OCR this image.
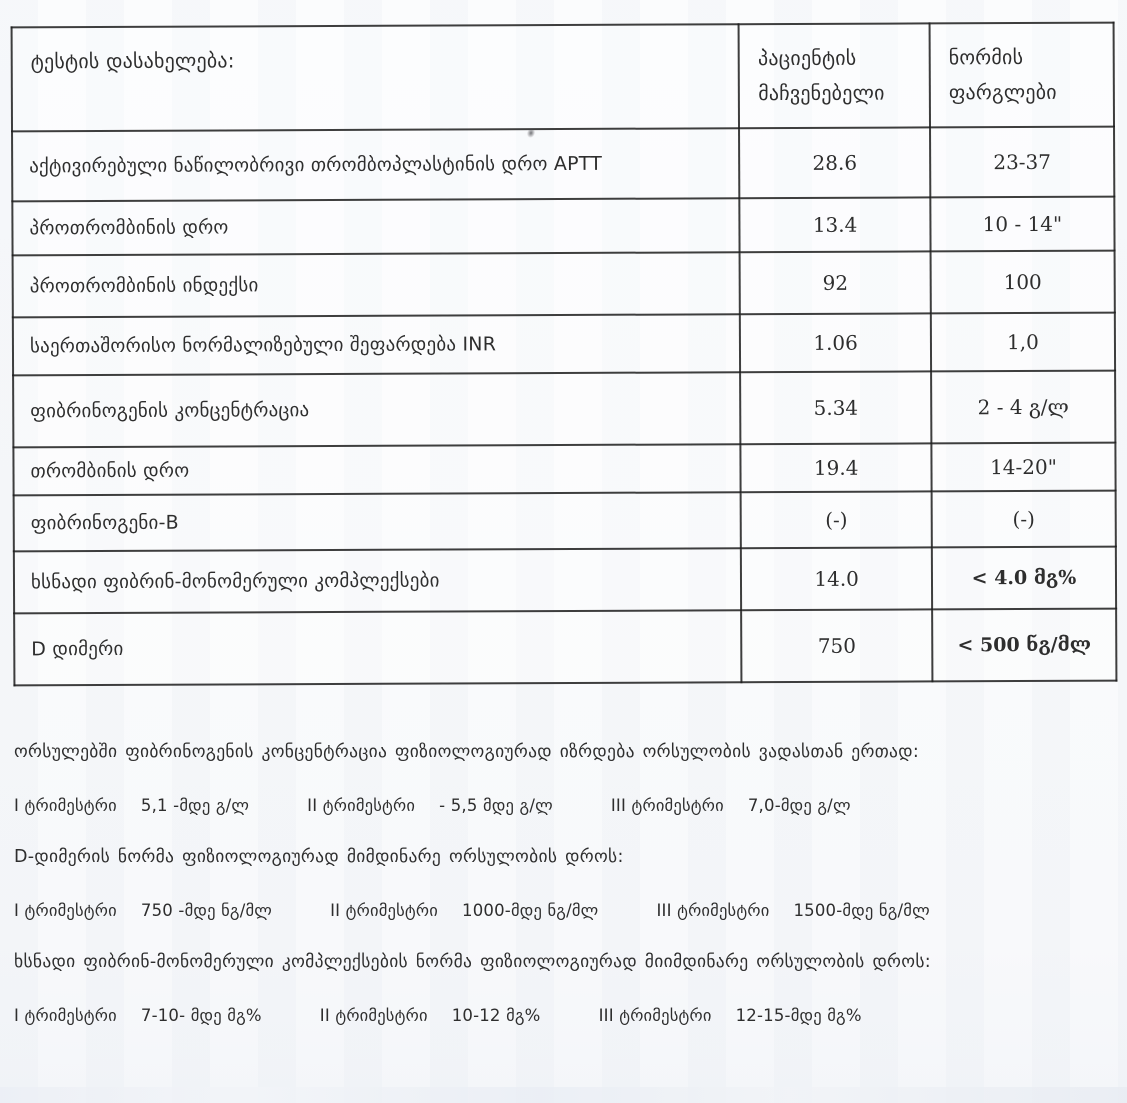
ტესტის დასახელება:	პაციენტის მაჩვენებელი	ნორმის ფარგლები
აქტივირებული ნაწილობრივი თრომბოპლასტინის დრო APTT	28.6	23-37
პროთრომბინის დრო	13.4	10 - 14"
პროთრომბინის ინდექსი	92	100
საერთაშორისო ნორმალიზებული შეფარდება INR	1.06	1,0
ფიბრინოგენის კონცენტრაცია	5.34	2 - 4 გ/ლ
თრომბინის დრო	19.4	14-20"
ფიბრინოგენი-B	(-)	(-)
ხსნადი ფიბრინ-მონომერული კომპლექსები	14.0	< 4.0 მგ%
D დიმერი	750	< 500 ნგ/მლ

ორსულებში ფიბრინოგენის კონცენტრაცია ფიზიოლოგიურად იზრდება ორსულობის ვადასთან ერთად:

I ტრიმესტრი 5,1 -მდე გ/ლ	II ტრიმესტრი - 5,5 მდე გ/ლ	III ტრიმესტრი 7,0-მდე გ/ლ

D-დიმერის ნორმა ფიზიოლოგიურად მიმდინარე ორსულობის დროს:

I ტრიმესტრი 750 -მდე ნგ/მლ	II ტრიმესტრი 1000-მდე ნგ/მლ	III ტრიმესტრი 1500-მდე ნგ/მლ

ხსნადი ფიბრინ-მონომერული კომპლექსების ნორმა ფიზიოლოგიურად მიიმდინარე ორსულობის დროს:

I ტრიმესტრი 7-10- მდე მგ%	II ტრიმესტრი 10-12 მგ%	III ტრიმესტრი 12-15-მდე მგ%
